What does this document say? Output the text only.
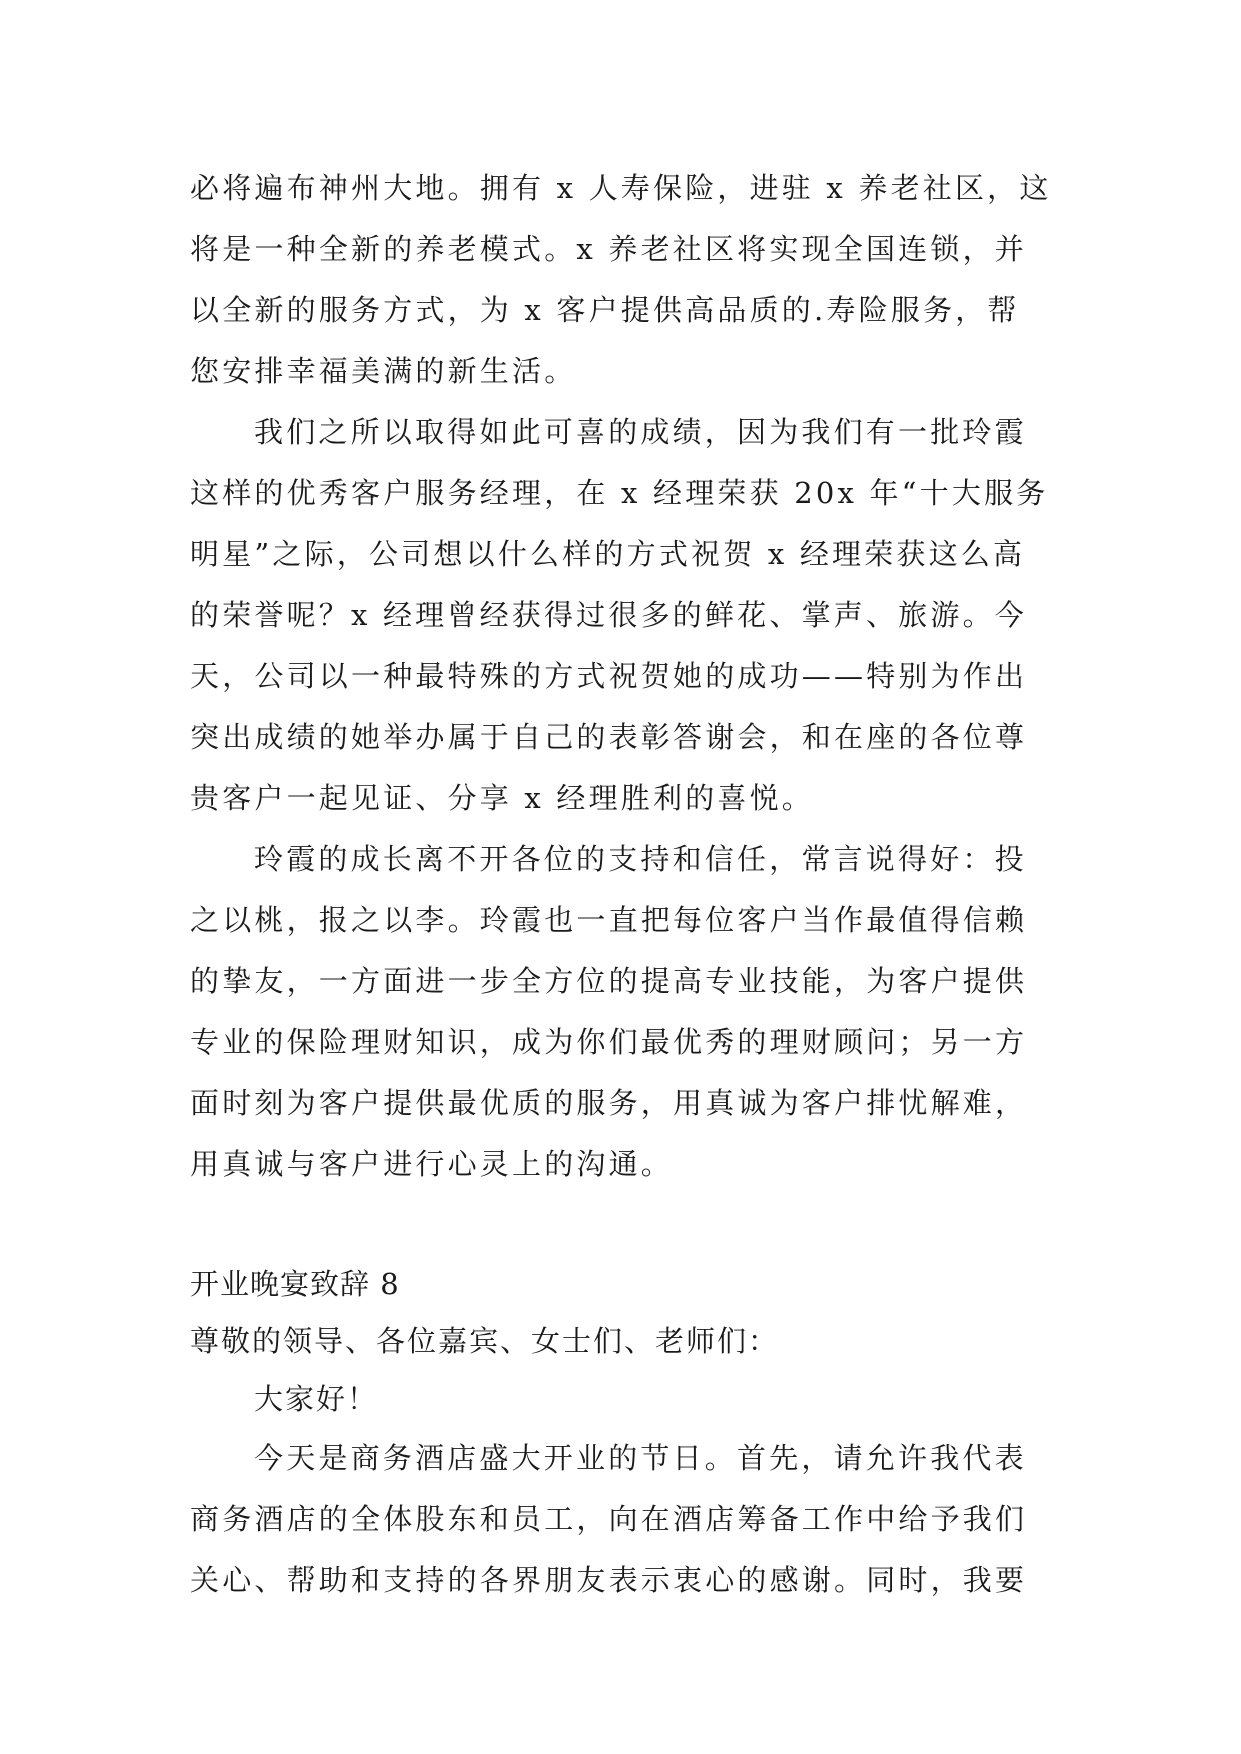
必将遍布神州大地。拥有 x 人寿保险，进驻 x 养老社区，这
将是一种全新的养老模式。x 养老社区将实现全国连锁，并
以全新的服务方式，为 x 客户提供高品质的.寿险服务，帮
您安排幸福美满的新生活。
我们之所以取得如此可喜的成绩，因为我们有一批玲霞
这样的优秀客户服务经理，在 x 经理荣获 20x 年“十大服务
明星”之际，公司想以什么样的方式祝贺 x 经理荣获这么高
的荣誉呢？x 经理曾经获得过很多的鲜花、掌声、旅游。今
天，公司以一种最特殊的方式祝贺她的成功——特别为作出
突出成绩的她举办属于自己的表彰答谢会，和在座的各位尊
贵客户一起见证、分享 x 经理胜利的喜悦。
玲霞的成长离不开各位的支持和信任，常言说得好：投
之以桃，报之以李。玲霞也一直把每位客户当作最值得信赖
的挚友，一方面进一步全方位的提高专业技能，为客户提供
专业的保险理财知识，成为你们最优秀的理财顾问；另一方
面时刻为客户提供最优质的服务，用真诚为客户排忧解难，
用真诚与客户进行心灵上的沟通。
开业晚宴致辞 8
尊敬的领导、各位嘉宾、女士们、老师们：
大家好！
今天是商务酒店盛大开业的节日。首先，请允许我代表
商务酒店的全体股东和员工，向在酒店筹备工作中给予我们
关心、帮助和支持的各界朋友表示衷心的感谢。同时，我要
